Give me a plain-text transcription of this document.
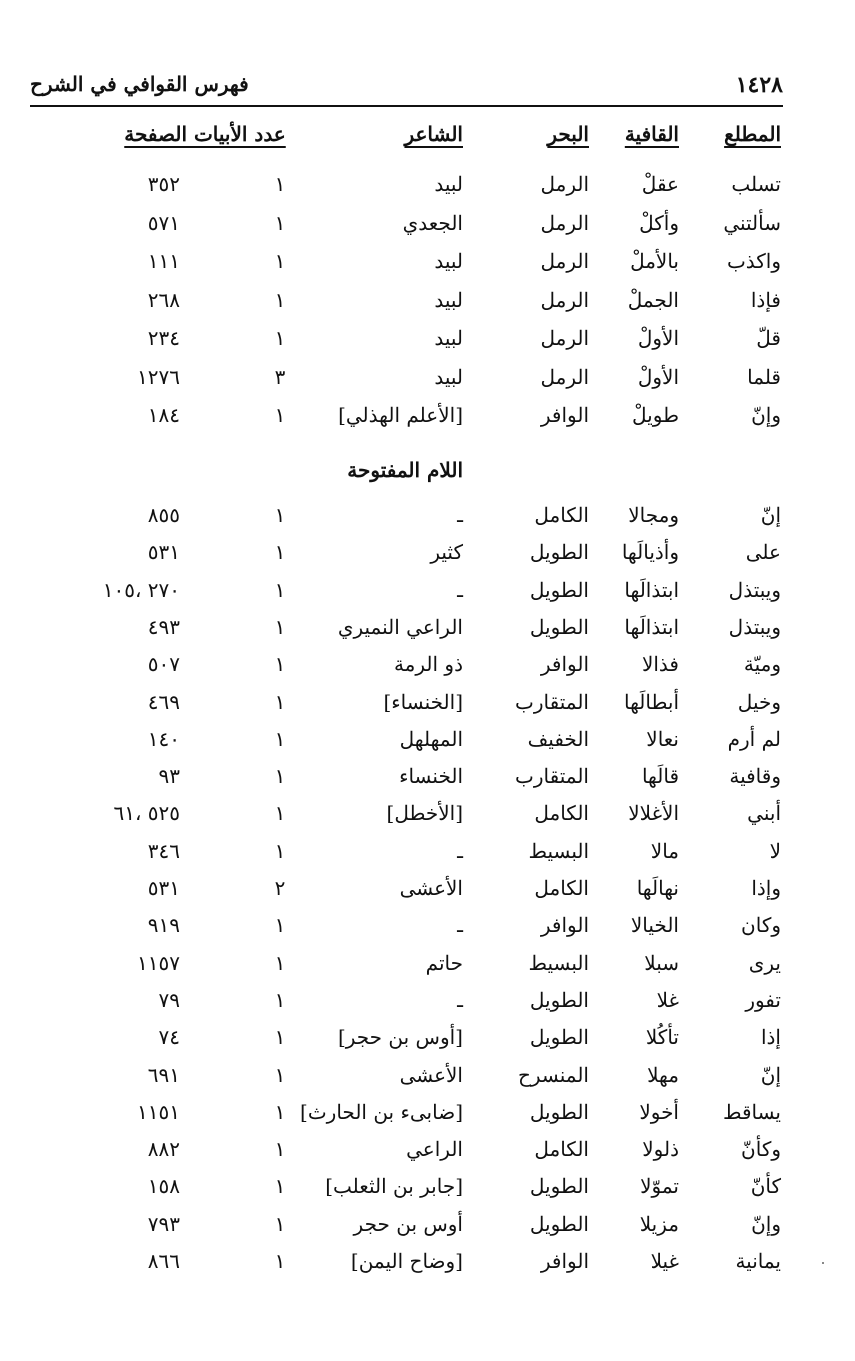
١٤٢٨
فهرس القوافي في الشرح
المطلع
القافية
البحر
الشاعر
عدد الأبيات الصفحة
تسلب
عقلْ
الرمل
لبيد
١
٣٥٢
سألتني
وأكلْ
الرمل
الجعدي
١
٥٧١
واكذب
بالأملْ
الرمل
لبيد
١
١١١
فإذا
الجملْ
الرمل
لبيد
١
٢٦٨
قلّ
الأولْ
الرمل
لبيد
١
٢٣٤
قلما
الأولْ
الرمل
لبيد
٣
١٢٧٦
وإنّ
طويلْ
الوافر
[الأعلم الهذلي]
١
١٨٤
اللام المفتوحة
إنّ
ومجالا
الكامل
ـ
١
٨٥٥
على
وأذيالَها
الطويل
كثير
١
٥٣١
ويبتذل
ابتذالَها
الطويل
ـ
١
٢٧٠ ،١٠٥
ويبتذل
ابتذالَها
الطويل
الراعي النميري
١
٤٩٣
وميّة
فذالا
الوافر
ذو الرمة
١
٥٠٧
وخيل
أبطالَها
المتقارب
[الخنساء]
١
٤٦٩
لم أرم
نعالا
الخفيف
المهلهل
١
١٤٠
وقافية
قالَها
المتقارب
الخنساء
١
٩٣
أبني
الأغلالا
الكامل
[الأخطل]
١
٥٢٥ ،٦١
لا
مالا
البسيط
ـ
١
٣٤٦
وإذا
نهالَها
الكامل
الأعشى
٢
٥٣١
وكان
الخيالا
الوافر
ـ
١
٩١٩
يرى
سبلا
البسيط
حاتم
١
١١٥٧
تفور
غلا
الطويل
ـ
١
٧٩
إذا
تأكُلا
الطويل
[أوس بن حجر]
١
٧٤
إنّ
مهلا
المنسرح
الأعشى
١
٦٩١
يساقط
أخولا
الطويل
[ضابىء بن الحارث]
١
١١٥١
وكأنّ
ذلولا
الكامل
الراعي
١
٨٨٢
كأنّ
تموّلا
الطويل
[جابر بن الثعلب]
١
١٥٨
وإنّ
مزيلا
الطويل
أوس بن حجر
١
٧٩٣
يمانية
غيلا
الوافر
[وضاح اليمن]
١
٨٦٦
